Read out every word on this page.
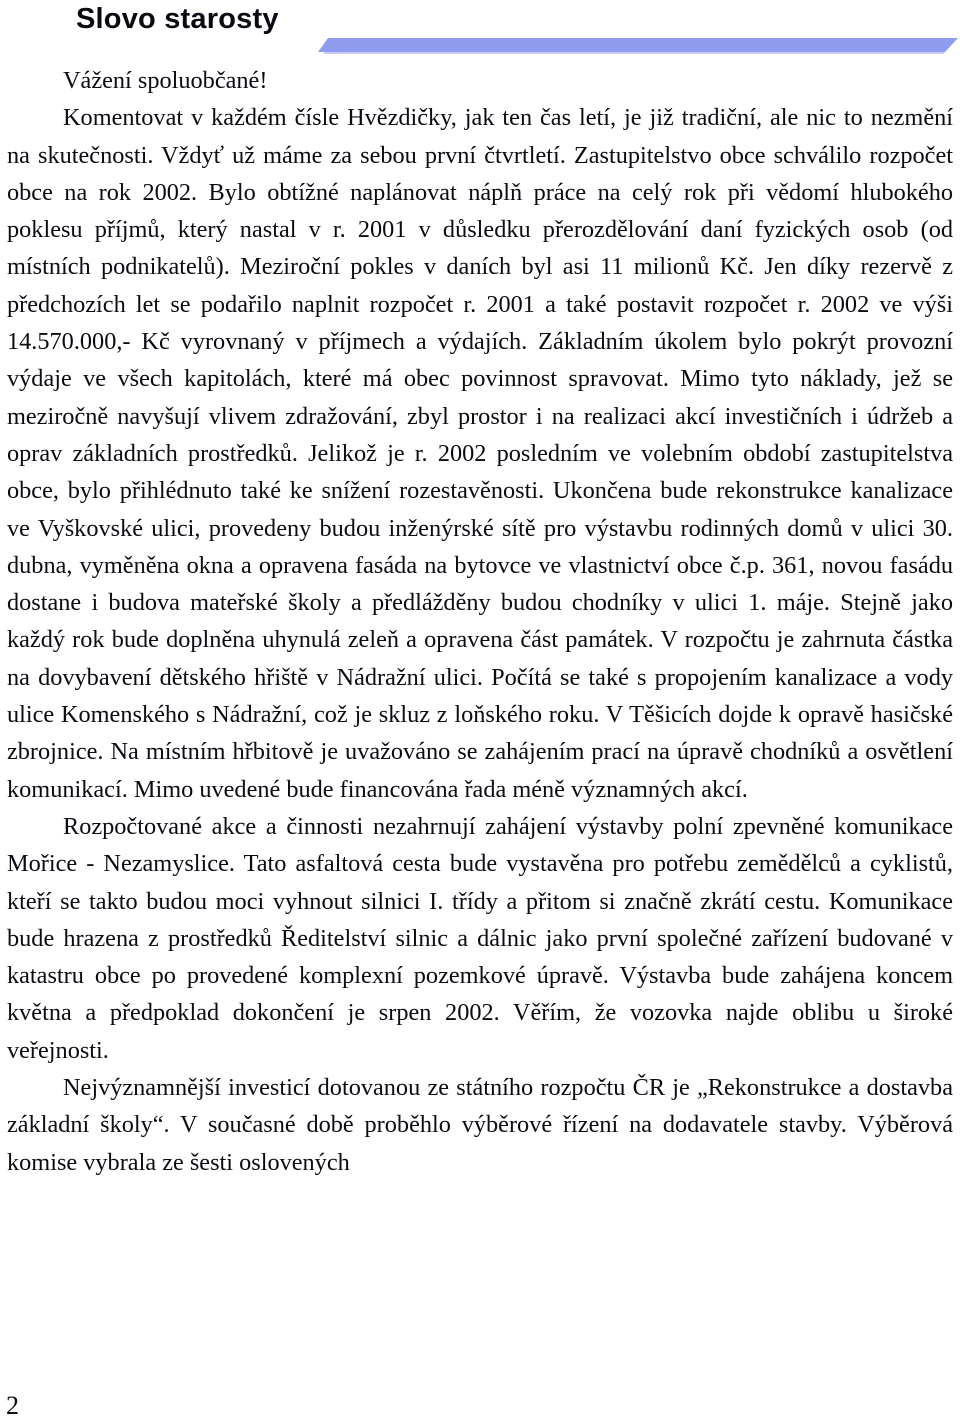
Slovo starosty

Vážení spoluobčané!

Komentovat v každém čísle Hvězdičky, jak ten čas letí, je již tradiční, ale nic to nezmění na skutečnosti. Vždyť už máme za sebou první čtvrtletí. Zastupitelstvo obce schválilo rozpočet obce na rok 2002. Bylo obtížné naplánovat náplň práce na celý rok při vědomí hlubokého poklesu příjmů, který nastal v r. 2001 v důsledku přerozdělování daní fyzických osob (od místních podnikatelů). Meziroční pokles v daních byl asi 11 milionů Kč. Jen díky rezervě z předchozích let se podařilo naplnit rozpočet r. 2001 a také postavit rozpočet r. 2002 ve výši 14.570.000,- Kč vyrovnaný v příjmech a výdajích. Základním úkolem bylo pokrýt provozní výdaje ve všech kapitolách, které má obec povinnost spravovat. Mimo tyto náklady, jež se meziročně navyšují vlivem zdražování, zbyl prostor i na realizaci akcí investičních i údržeb a oprav základních prostředků. Jelikož je r. 2002 posledním ve volebním období zastupitelstva obce, bylo přihlédnuto také ke snížení rozestavěnosti. Ukončena bude rekonstrukce kanalizace ve Vyškovské ulici, provedeny budou inženýrské sítě pro výstavbu rodinných domů v ulici 30. dubna, vyměněna okna a opravena fasáda na bytovce ve vlastnictví obce č.p. 361, novou fasádu dostane i budova mateřské školy a předlážděny budou chodníky v ulici 1. máje. Stejně jako každý rok bude doplněna uhynulá zeleň a opravena část památek. V rozpočtu je zahrnuta částka na dovybavení dětského hřiště v Nádražní ulici. Počítá se také s propojením kanalizace a vody ulice Komenského s Nádražní, což je skluz z loňského roku. V Těšicích dojde k opravě hasičské zbrojnice. Na místním hřbitově je uvažováno se zahájením prací na úpravě chodníků a osvětlení komunikací. Mimo uvedené bude financována řada méně významných akcí.

Rozpočtované akce a činnosti nezahrnují zahájení výstavby polní zpevněné komunikace Mořice - Nezamyslice. Tato asfaltová cesta bude vystavěna pro potřebu zemědělců a cyklistů, kteří se takto budou moci vyhnout silnici I. třídy a přitom si značně zkrátí cestu. Komunikace bude hrazena z prostředků Ředitelství silnic a dálnic jako první společné zařízení budované v katastru obce po provedené komplexní pozemkové úpravě. Výstavba bude zahájena koncem května a předpoklad dokončení je srpen 2002. Věřím, že vozovka najde oblibu u široké veřejnosti.

Nejvýznamnější investicí dotovanou ze státního rozpočtu ČR je „Rekonstrukce a dostavba základní školy“. V současné době proběhlo výběrové řízení na dodavatele stavby. Výběrová komise vybrala ze šesti oslovených

2
